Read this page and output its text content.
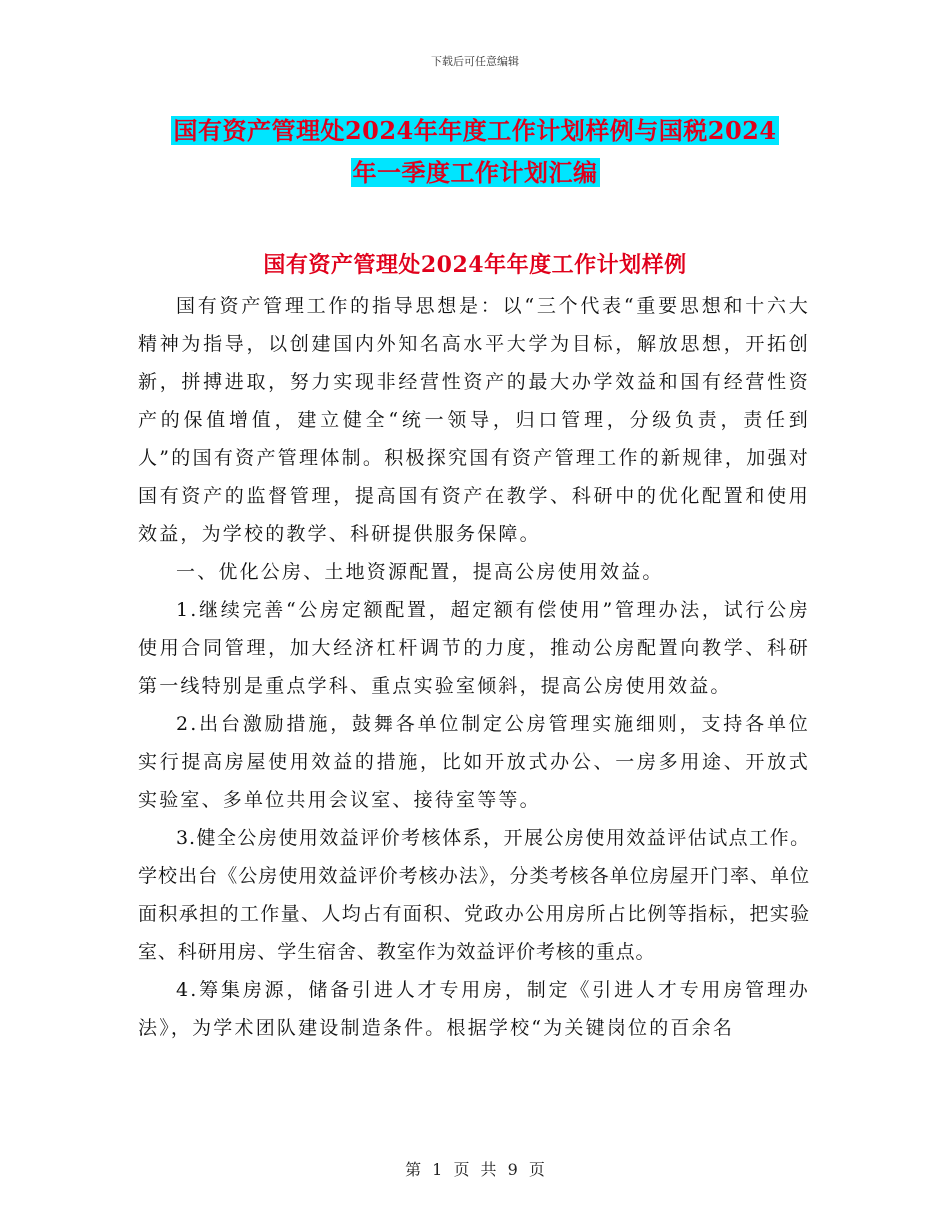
下载后可任意编辑
国有资产管理处2024年年度工作计划样例与国税2024
年一季度工作计划汇编
国有资产管理处2024年年度工作计划样例

国有资产管理工作的指导思想是：以“三个代表“重要思想和十六大精神为指导，以创建国内外知名高水平大学为目标，解放思想，开拓创新，拼搏进取，努力实现非经营性资产的最大办学效益和国有经营性资产的保值增值，建立健全“统一领导，归口管理，分级负责，责任到人”的国有资产管理体制。积极探究国有资产管理工作的新规律，加强对国有资产的监督管理，提高国有资产在教学、科研中的优化配置和使用效益，为学校的教学、科研提供服务保障。

一、优化公房、土地资源配置，提高公房使用效益。

1.继续完善“公房定额配置，超定额有偿使用”管理办法，试行公房使用合同管理，加大经济杠杆调节的力度，推动公房配置向教学、科研第一线特别是重点学科、重点实验室倾斜，提高公房使用效益。

2.出台激励措施，鼓舞各单位制定公房管理实施细则，支持各单位实行提高房屋使用效益的措施，比如开放式办公、一房多用途、开放式实验室、多单位共用会议室、接待室等等。

3.健全公房使用效益评价考核体系，开展公房使用效益评估试点工作。学校出台《公房使用效益评价考核办法》，分类考核各单位房屋开门率、单位面积承担的工作量、人均占有面积、党政办公用房所占比例等指标，把实验室、科研用房、学生宿舍、教室作为效益评价考核的重点。

4.筹集房源，储备引进人才专用房，制定《引进人才专用房管理办法》，为学术团队建设制造条件。根据学校“为关键岗位的百余名

第 1 页 共 9 页
